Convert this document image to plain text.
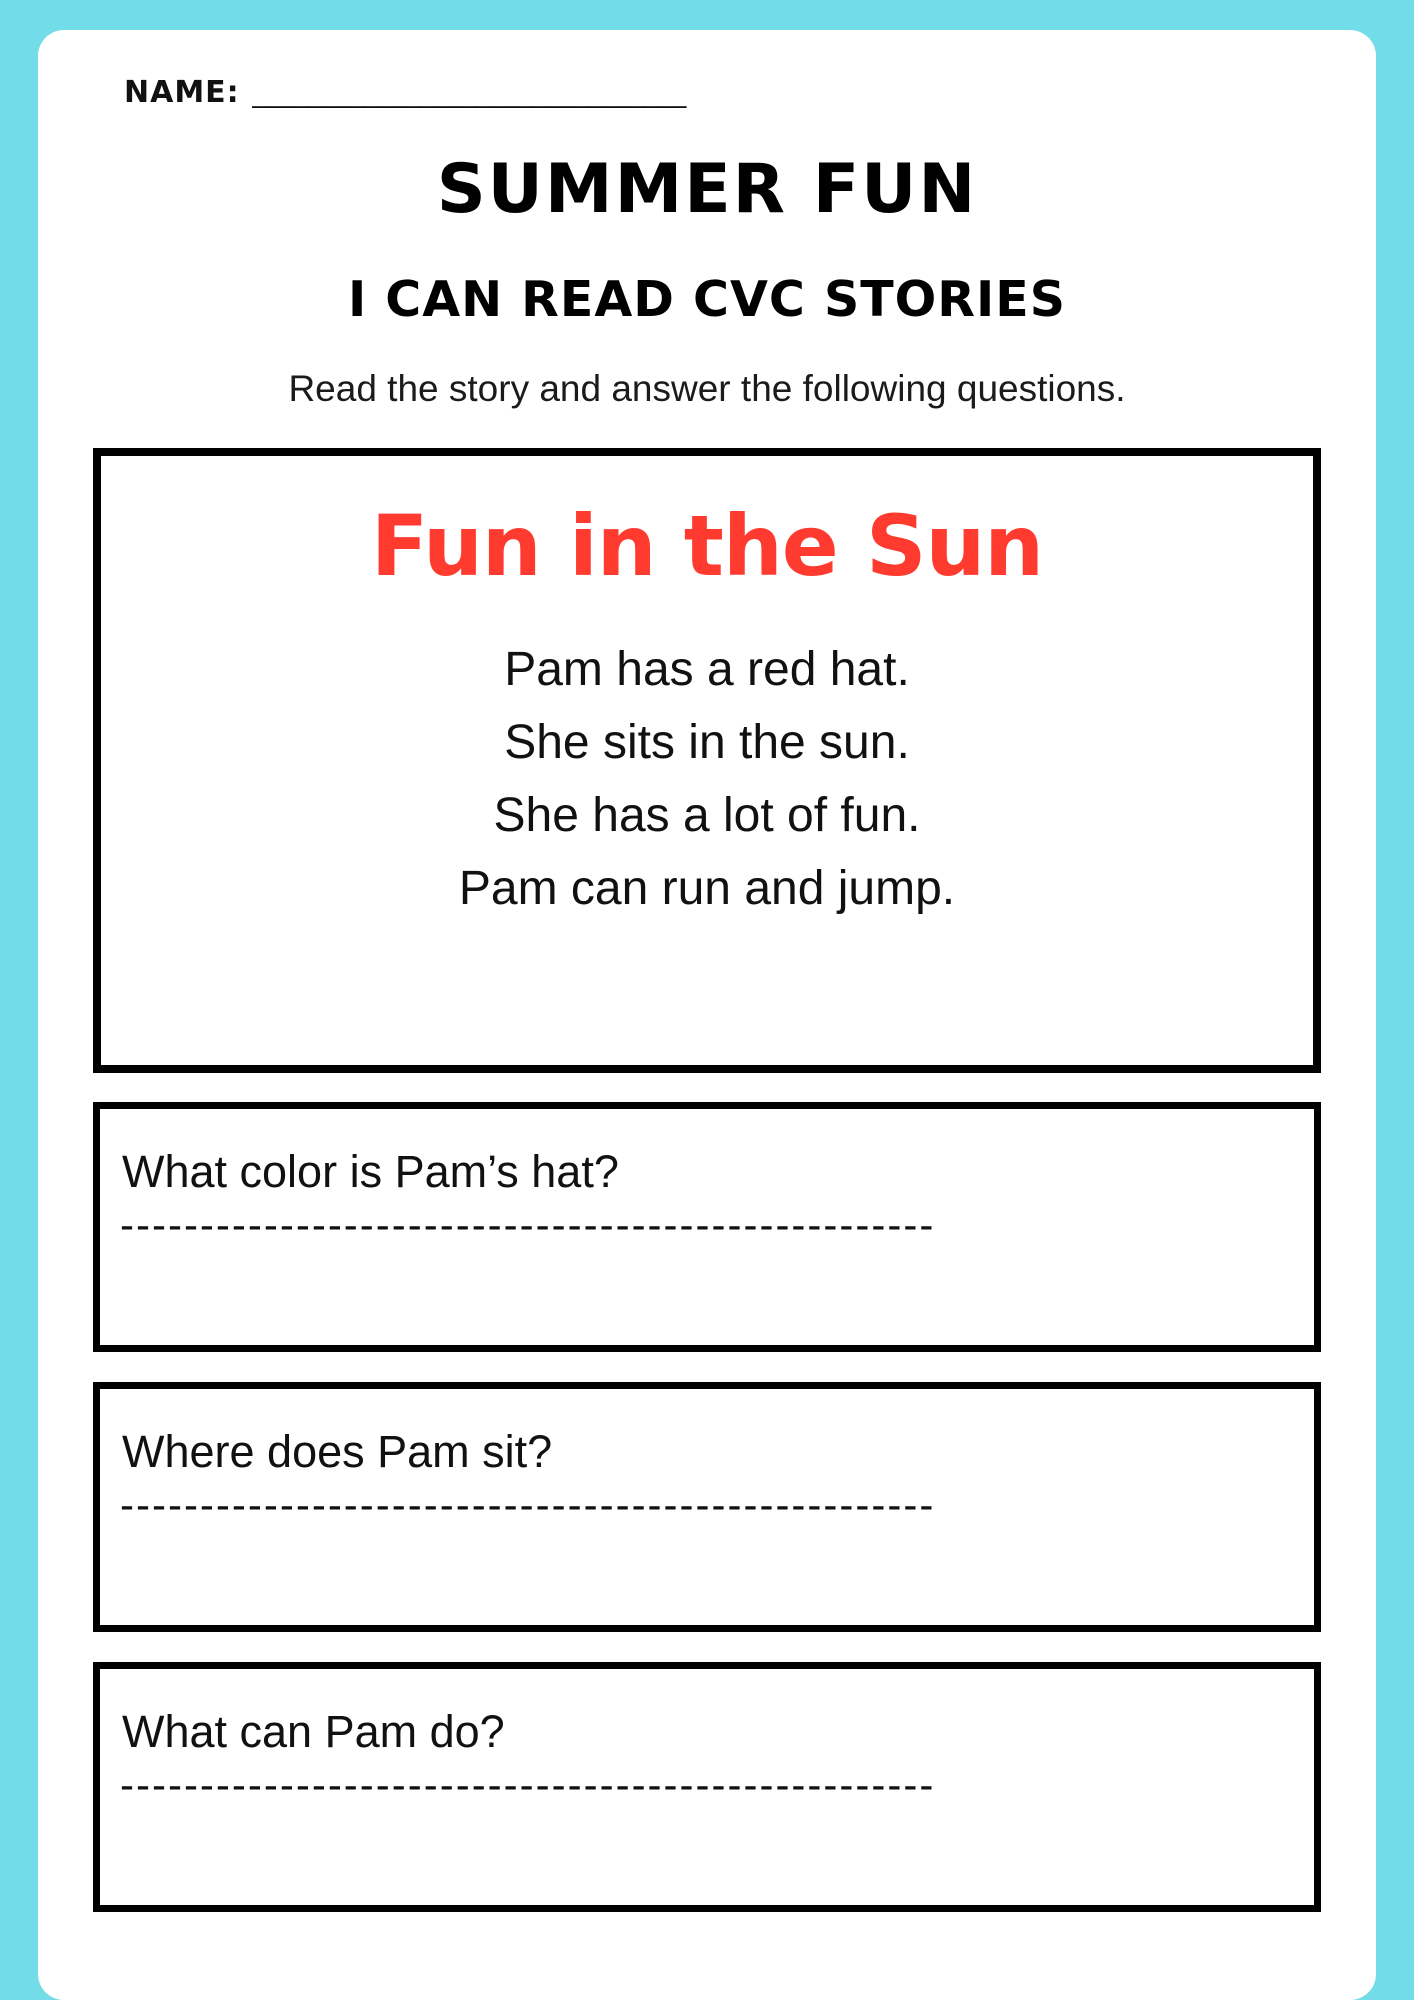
NAME: _______________________________
SUMMER FUN
I CAN READ CVC STORIES
Read the story and answer the following questions.
Fun in the Sun
Pam has a red hat.
She sits in the sun.
She has a lot of fun.
Pam can run and jump.
What color is Pam’s hat?
---------------------------------------------------
Where does Pam sit?
---------------------------------------------------
What can Pam do?
---------------------------------------------------
